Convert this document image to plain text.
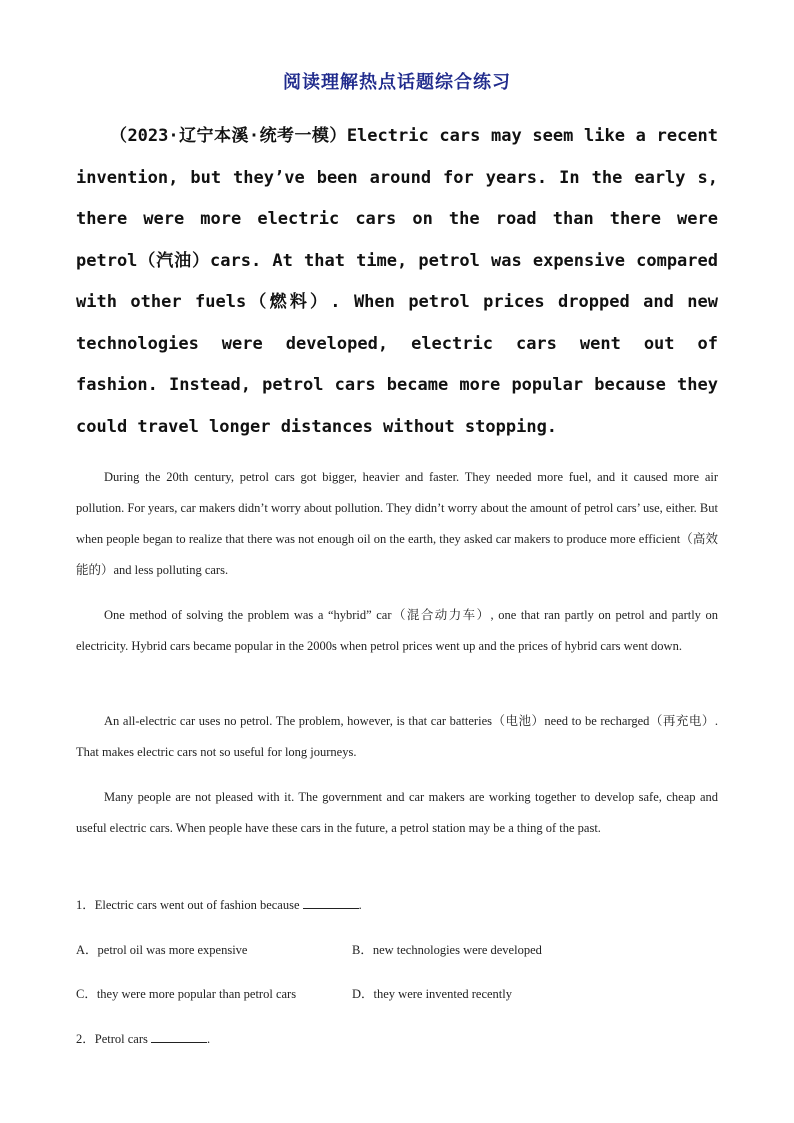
阅读理解热点话题综合练习

（2023·辽宁本溪·统考一模）Electric cars may seem like a recent invention, but they’ve been around for years. In the early s, there were more electric cars on the road than there were petrol（汽油）cars. At that time, petrol was expensive compared with other fuels（燃料）. When petrol prices dropped and new technologies were developed, electric cars went out of fashion. Instead, petrol cars became more popular because they could travel longer distances without stopping.

During the 20th century, petrol cars got bigger, heavier and faster. They needed more fuel, and it caused more air pollution. For years, car makers didn’t worry about pollution. They didn’t worry about the amount of petrol cars’ use, either. But when people began to realize that there was not enough oil on the earth, they asked car makers to produce more efficient（高效能的）and less polluting cars.

One method of solving the problem was a “hybrid” car（混合动力车）, one that ran partly on petrol and partly on electricity. Hybrid cars became popular in the 2000s when petrol prices went up and the prices of hybrid cars went down.

An all-electric car uses no petrol. The problem, however, is that car batteries（电池）need to be recharged（再充电）. That makes electric cars not so useful for long journeys.

Many people are not pleased with it. The government and car makers are working together to develop safe, cheap and useful electric cars. When people have these cars in the future, a petrol station may be a thing of the past.

1．Electric cars went out of fashion because	.
A．petrol oil was more expensive	B．new technologies were developed
C．they were more popular than petrol cars	D．they were invented recently
2．Petrol cars	.
